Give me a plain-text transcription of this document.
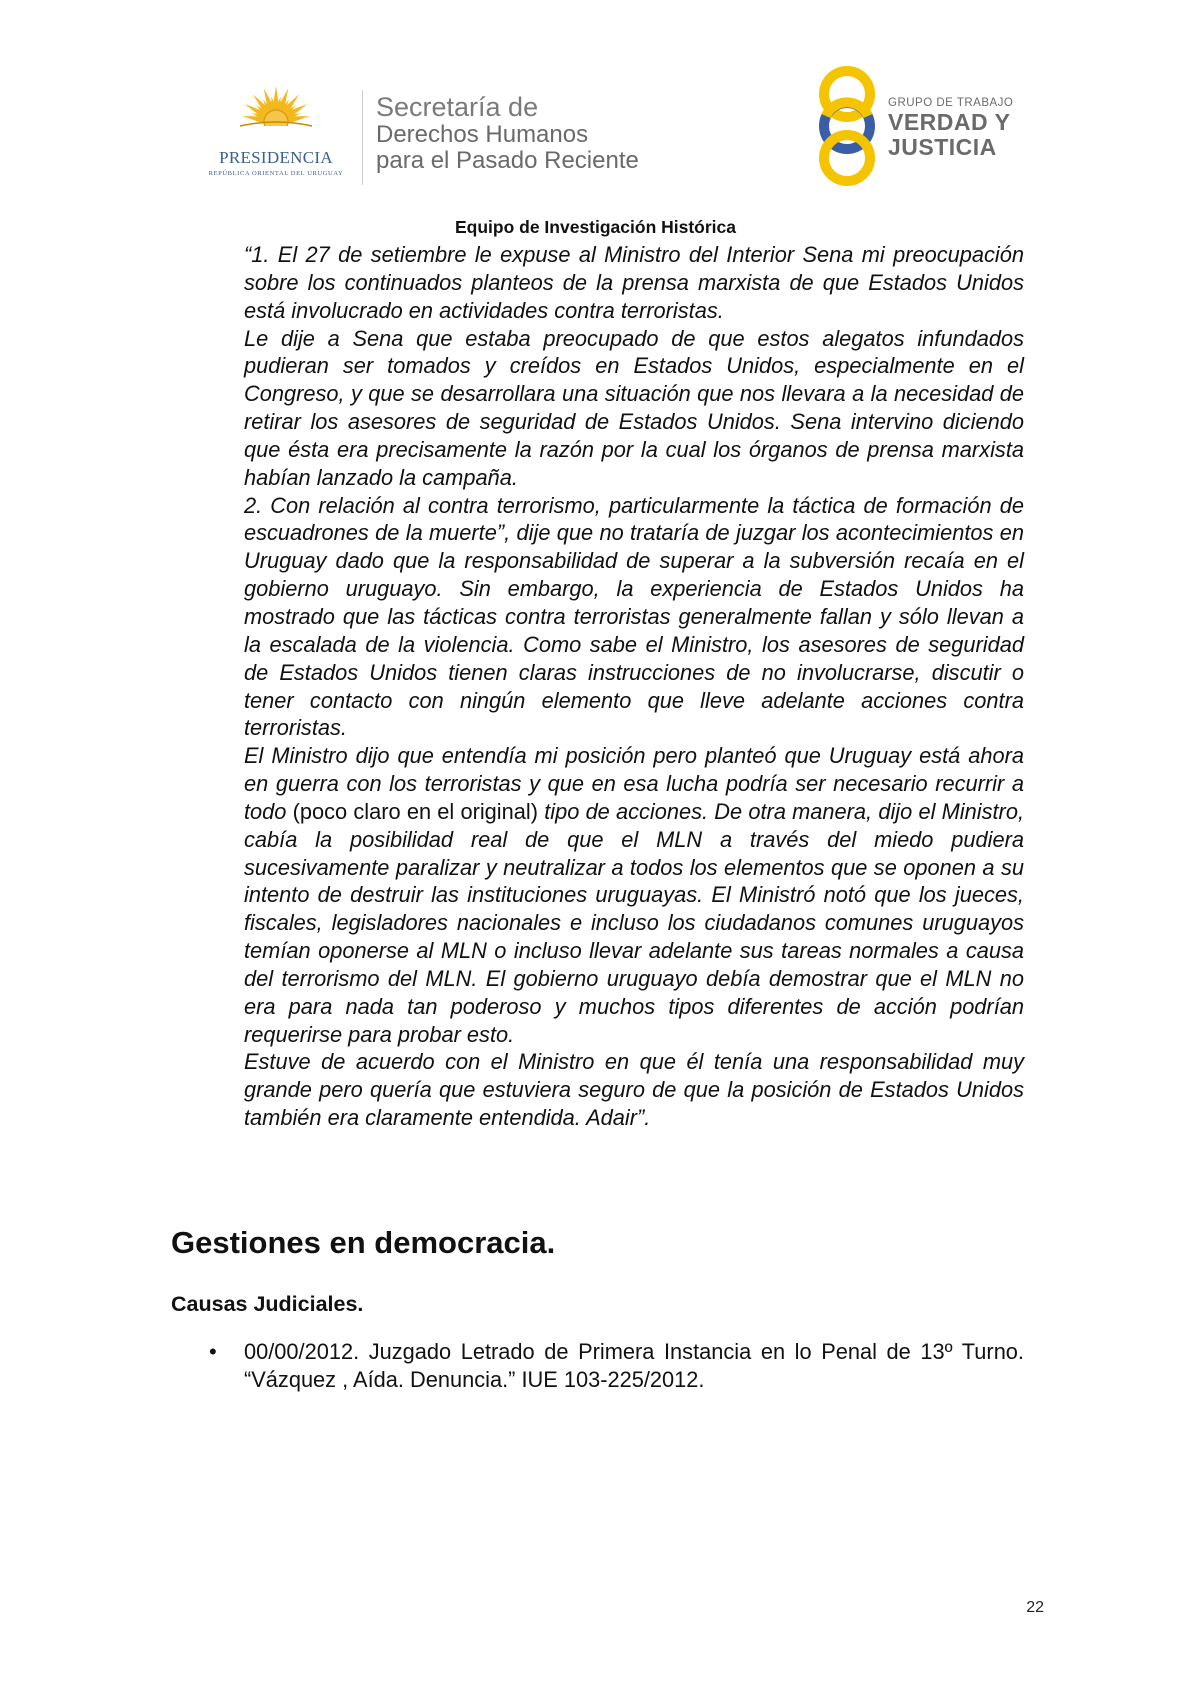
PRESIDENCIA
REPÚBLICA ORIENTAL DEL URUGUAY
Secretaría de
Derechos Humanos
para el Pasado Reciente
GRUPO DE TRABAJO
VERDAD Y
JUSTICIA
Equipo de Investigación Histórica

“1. El 27 de setiembre le expuse al Ministro del Interior Sena mi preocupación sobre los continuados planteos de la prensa marxista de que Estados Unidos está involucrado en actividades contra terroristas.

Le dije a Sena que estaba preocupado de que estos alegatos infundados pudieran ser tomados y creídos en Estados Unidos, especialmente en el Congreso, y que se desarrollara una situación que nos llevara a la necesidad de retirar los asesores de seguridad de Estados Unidos. Sena intervino diciendo que ésta era precisamente la razón por la cual los órganos de prensa marxista habían lanzado la campaña.

2. Con relación al contra terrorismo, particularmente la táctica de formación de escuadrones de la muerte”, dije que no trataría de juzgar los acontecimientos en Uruguay dado que la responsabilidad de superar a la subversión recaía en el gobierno uruguayo. Sin embargo, la experiencia de Estados Unidos ha mostrado que las tácticas contra terroristas generalmente fallan y sólo llevan a la escalada de la violencia. Como sabe el Ministro, los asesores de seguridad de Estados Unidos tienen claras instrucciones de no involucrarse, discutir o tener contacto con ningún elemento que lleve adelante acciones contra terroristas.

El Ministro dijo que entendía mi posición pero planteó que Uruguay está ahora en guerra con los terroristas y que en esa lucha podría ser necesario recurrir a todo (poco claro en el original) tipo de acciones. De otra manera, dijo el Ministro, cabía la posibilidad real de que el MLN a través del miedo pudiera sucesivamente paralizar y neutralizar a todos los elementos que se oponen a su intento de destruir las instituciones uruguayas. El Ministró notó que los jueces, fiscales, legisladores nacionales e incluso los ciudadanos comunes uruguayos temían oponerse al MLN o incluso llevar adelante sus tareas normales a causa del terrorismo del MLN. El gobierno uruguayo debía demostrar que el MLN no era para nada tan poderoso y muchos tipos diferentes de acción podrían requerirse para probar esto.

Estuve de acuerdo con el Ministro en que él tenía una responsabilidad muy grande pero quería que estuviera seguro de que la posición de Estados Unidos también era claramente entendida. Adair”.

Gestiones en democracia.
Causas Judiciales.
• 00/00/2012. Juzgado Letrado de Primera Instancia en lo Penal de 13º Turno. “Vázquez , Aída. Denuncia.” IUE 103-225/2012.
22
